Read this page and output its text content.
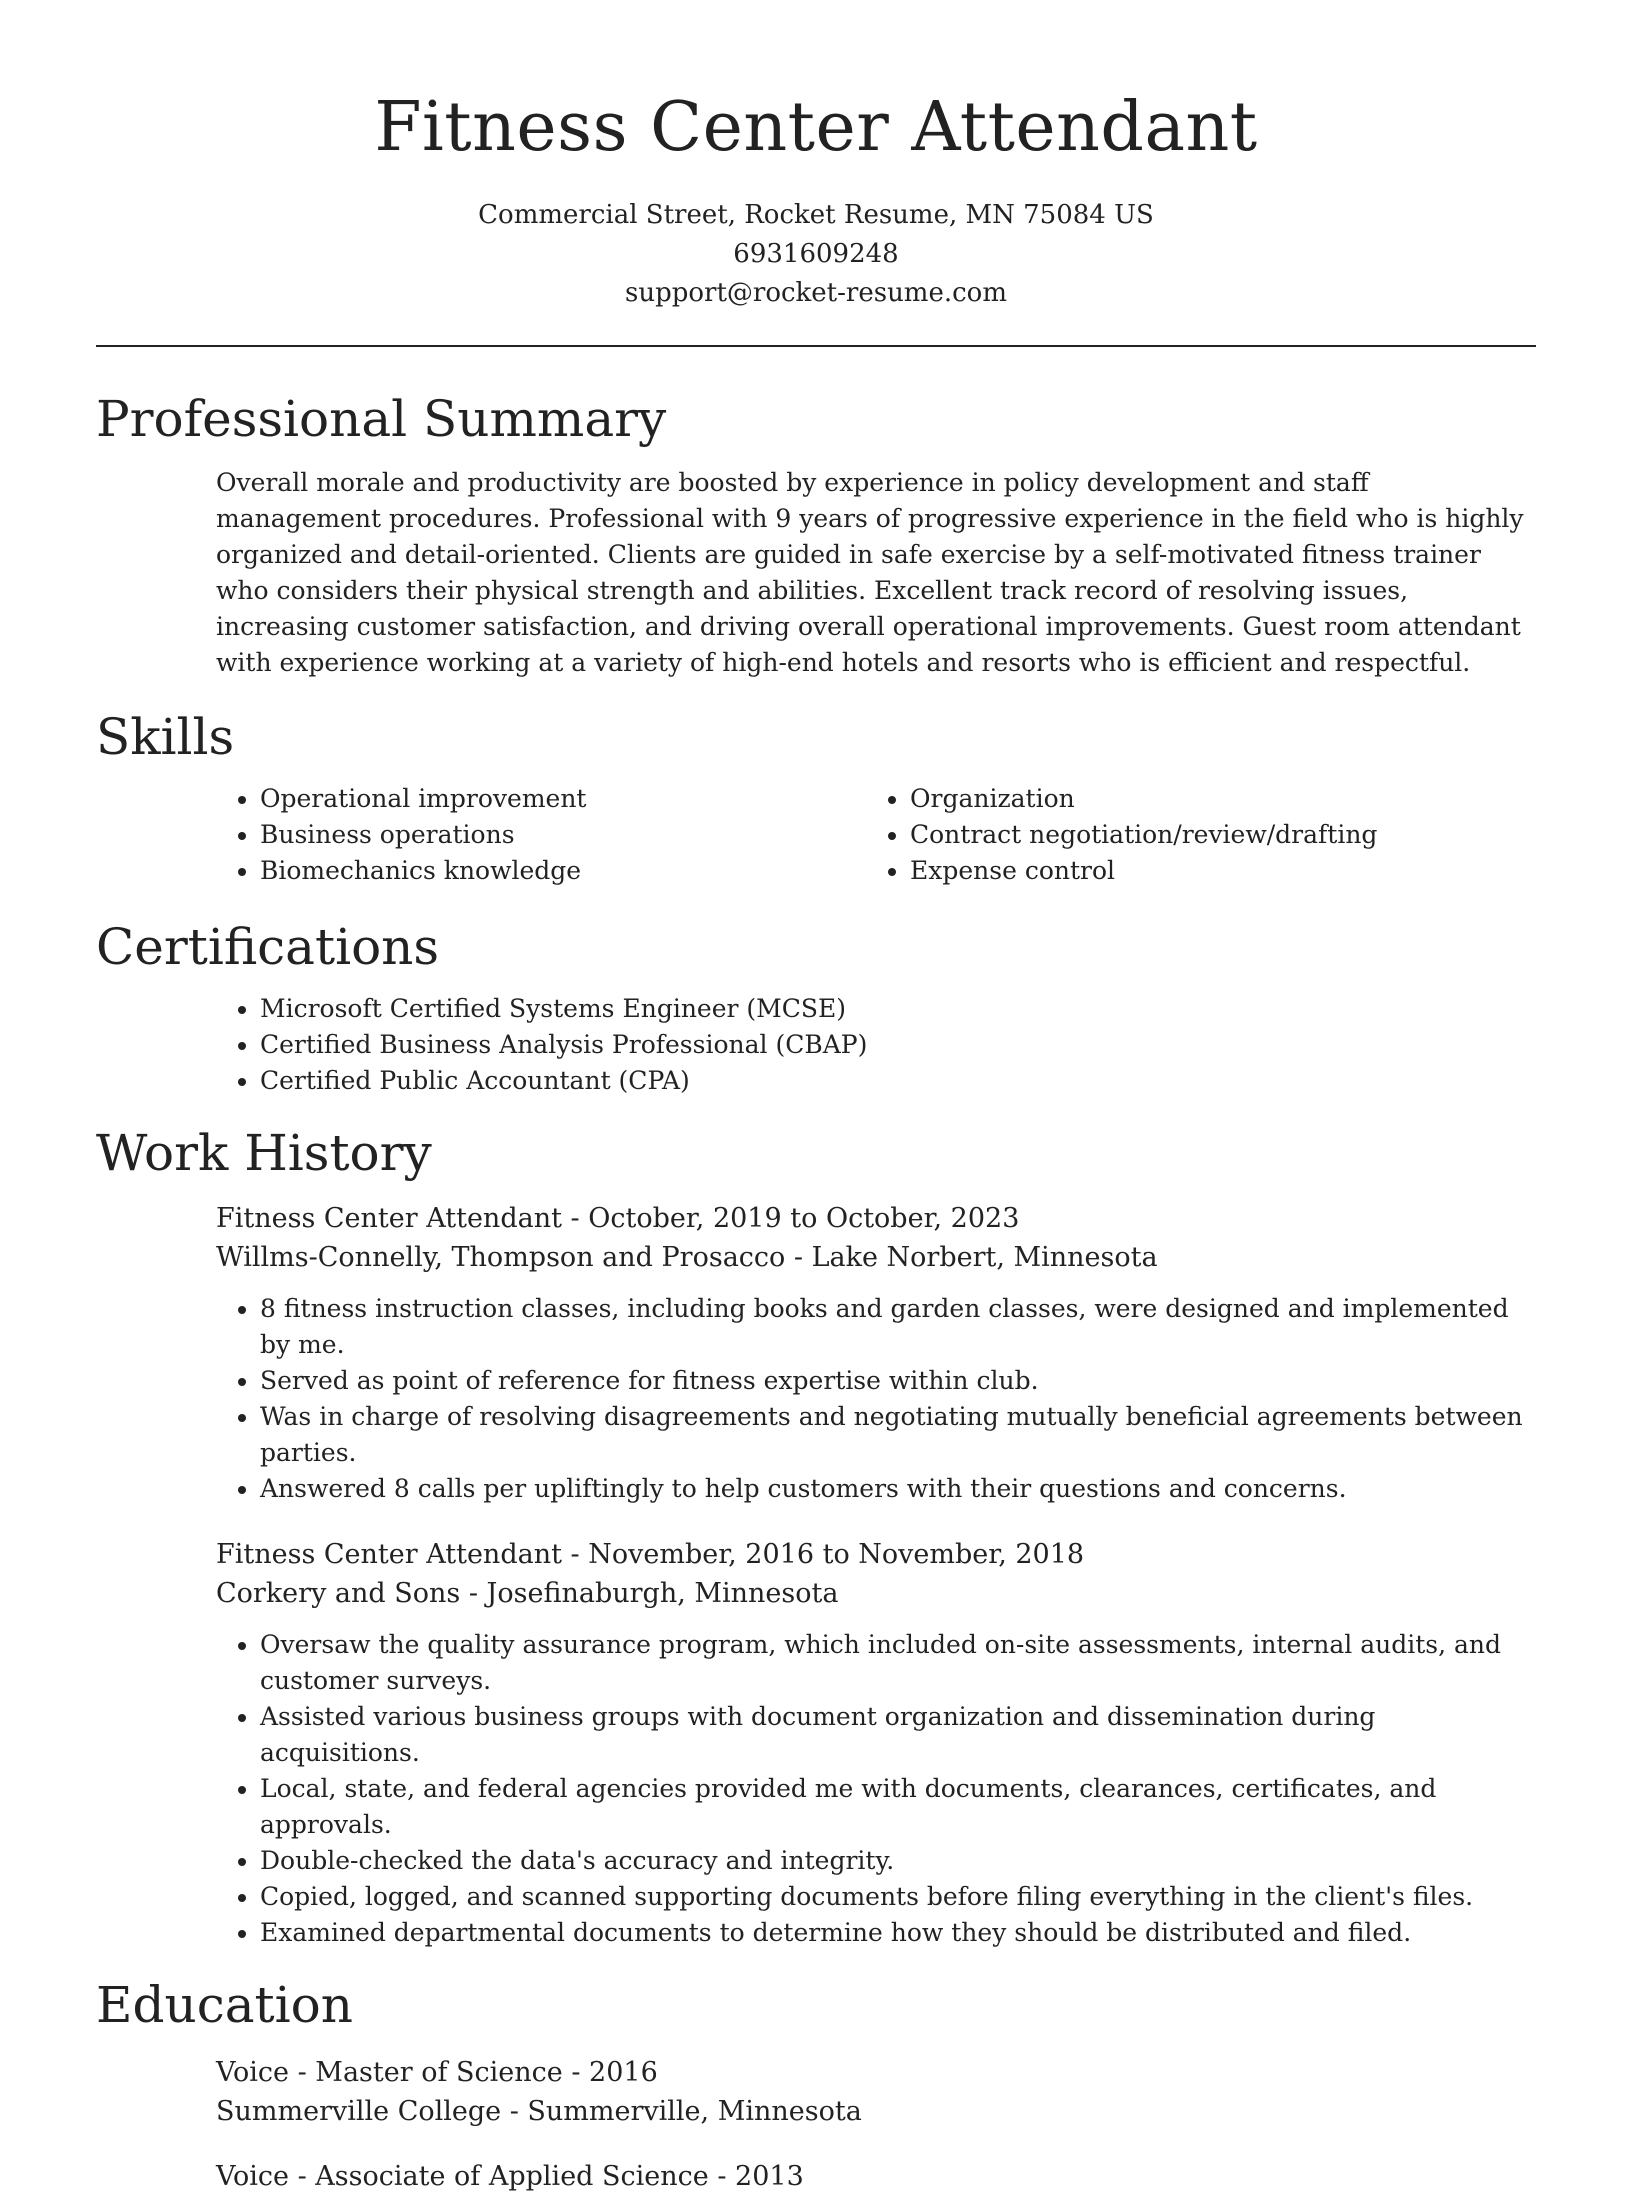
Fitness Center Attendant
Commercial Street, Rocket Resume, MN 75084 US
6931609248
support@rocket-resume.com
Professional Summary
Overall morale and productivity are boosted by experience in policy development and staff management procedures. Professional with 9 years of progressive experience in the field who is highly organized and detail-oriented. Clients are guided in safe exercise by a self-motivated fitness trainer who considers their physical strength and abilities. Excellent track record of resolving issues, increasing customer satisfaction, and driving overall operational improvements. Guest room attendant with experience working at a variety of high-end hotels and resorts who is efficient and respectful.
Skills
• Operational improvement
• Business operations
• Biomechanics knowledge
• Organization
• Contract negotiation/review/drafting
• Expense control
Certifications
• Microsoft Certified Systems Engineer (MCSE)
• Certified Business Analysis Professional (CBAP)
• Certified Public Accountant (CPA)
Work History
Fitness Center Attendant - October, 2019 to October, 2023
Willms-Connelly, Thompson and Prosacco - Lake Norbert, Minnesota
• 8 fitness instruction classes, including books and garden classes, were designed and implemented by me.
• Served as point of reference for fitness expertise within club.
• Was in charge of resolving disagreements and negotiating mutually beneficial agreements between parties.
• Answered 8 calls per upliftingly to help customers with their questions and concerns.
Fitness Center Attendant - November, 2016 to November, 2018
Corkery and Sons - Josefinaburgh, Minnesota
• Oversaw the quality assurance program, which included on-site assessments, internal audits, and customer surveys.
• Assisted various business groups with document organization and dissemination during acquisitions.
• Local, state, and federal agencies provided me with documents, clearances, certificates, and approvals.
• Double-checked the data's accuracy and integrity.
• Copied, logged, and scanned supporting documents before filing everything in the client's files.
• Examined departmental documents to determine how they should be distributed and filed.
Education
Voice - Master of Science - 2016
Summerville College - Summerville, Minnesota
Voice - Associate of Applied Science - 2013
